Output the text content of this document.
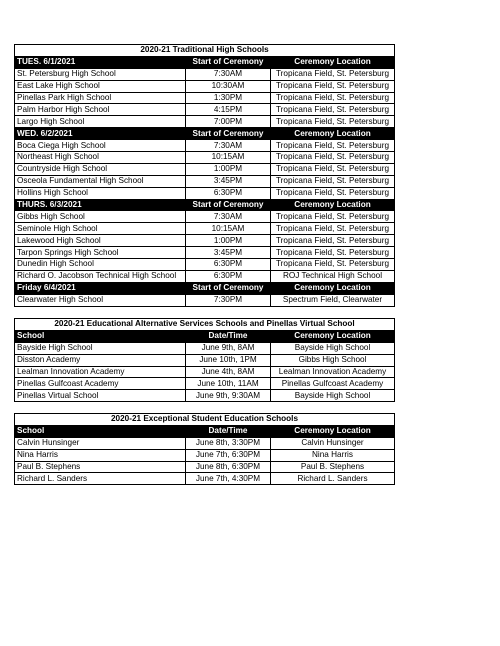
2020-21 Traditional High Schools		
TUES. 6/1/2021	Start of Ceremony	Ceremony Location
St. Petersburg High School	7:30AM	Tropicana Field, St. Petersburg
East Lake High School	10:30AM	Tropicana Field, St. Petersburg
Pinellas Park High School	1:30PM	Tropicana Field, St. Petersburg
Palm Harbor High School	4:15PM	Tropicana Field, St. Petersburg
Largo High School	7:00PM	Tropicana Field, St. Petersburg
WED. 6/2/2021	Start of Ceremony	Ceremony Location
Boca Ciega High School	7:30AM	Tropicana Field, St. Petersburg
Northeast High School	10:15AM	Tropicana Field, St. Petersburg
Countryside High School	1:00PM	Tropicana Field, St. Petersburg
Osceola Fundamental High School	3:45PM	Tropicana Field, St. Petersburg
Hollins High School	6:30PM	Tropicana Field, St. Petersburg
THURS. 6/3/2021	Start of Ceremony	Ceremony Location
Gibbs High School	7:30AM	Tropicana Field, St. Petersburg
Seminole High School	10:15AM	Tropicana Field, St. Petersburg
Lakewood High School	1:00PM	Tropicana Field, St. Petersburg
Tarpon Springs High School	3:45PM	Tropicana Field, St. Petersburg
Dunedin High School	6:30PM	Tropicana Field, St. Petersburg
Richard O. Jacobson Technical High School	6:30PM	ROJ Technical High School
Friday 6/4/2021	Start of Ceremony	Ceremony Location
Clearwater High School	7:30PM	Spectrum Field, Clearwater
2020-21 Educational Alternative Services Schools and Pinellas Virtual School		
School	Date/Time	Ceremony Location
Bayside High School	June 9th, 8AM	Bayside High School
Disston Academy	June 10th, 1PM	Gibbs High School
Lealman Innovation Academy	June 4th, 8AM	Lealman Innovation Academy
Pinellas Gulfcoast Academy	June 10th, 11AM	Pinellas Gulfcoast Academy
Pinellas Virtual School	June 9th, 9:30AM	Bayside High School
2020-21 Exceptional Student Education Schools		
School	Date/Time	Ceremony Location
Calvin Hunsinger	June 8th, 3:30PM	Calvin Hunsinger
Nina Harris	June 7th, 6:30PM	Nina Harris
Paul B. Stephens	June 8th, 6:30PM	Paul B. Stephens
Richard L. Sanders	June 7th, 4:30PM	Richard L. Sanders
